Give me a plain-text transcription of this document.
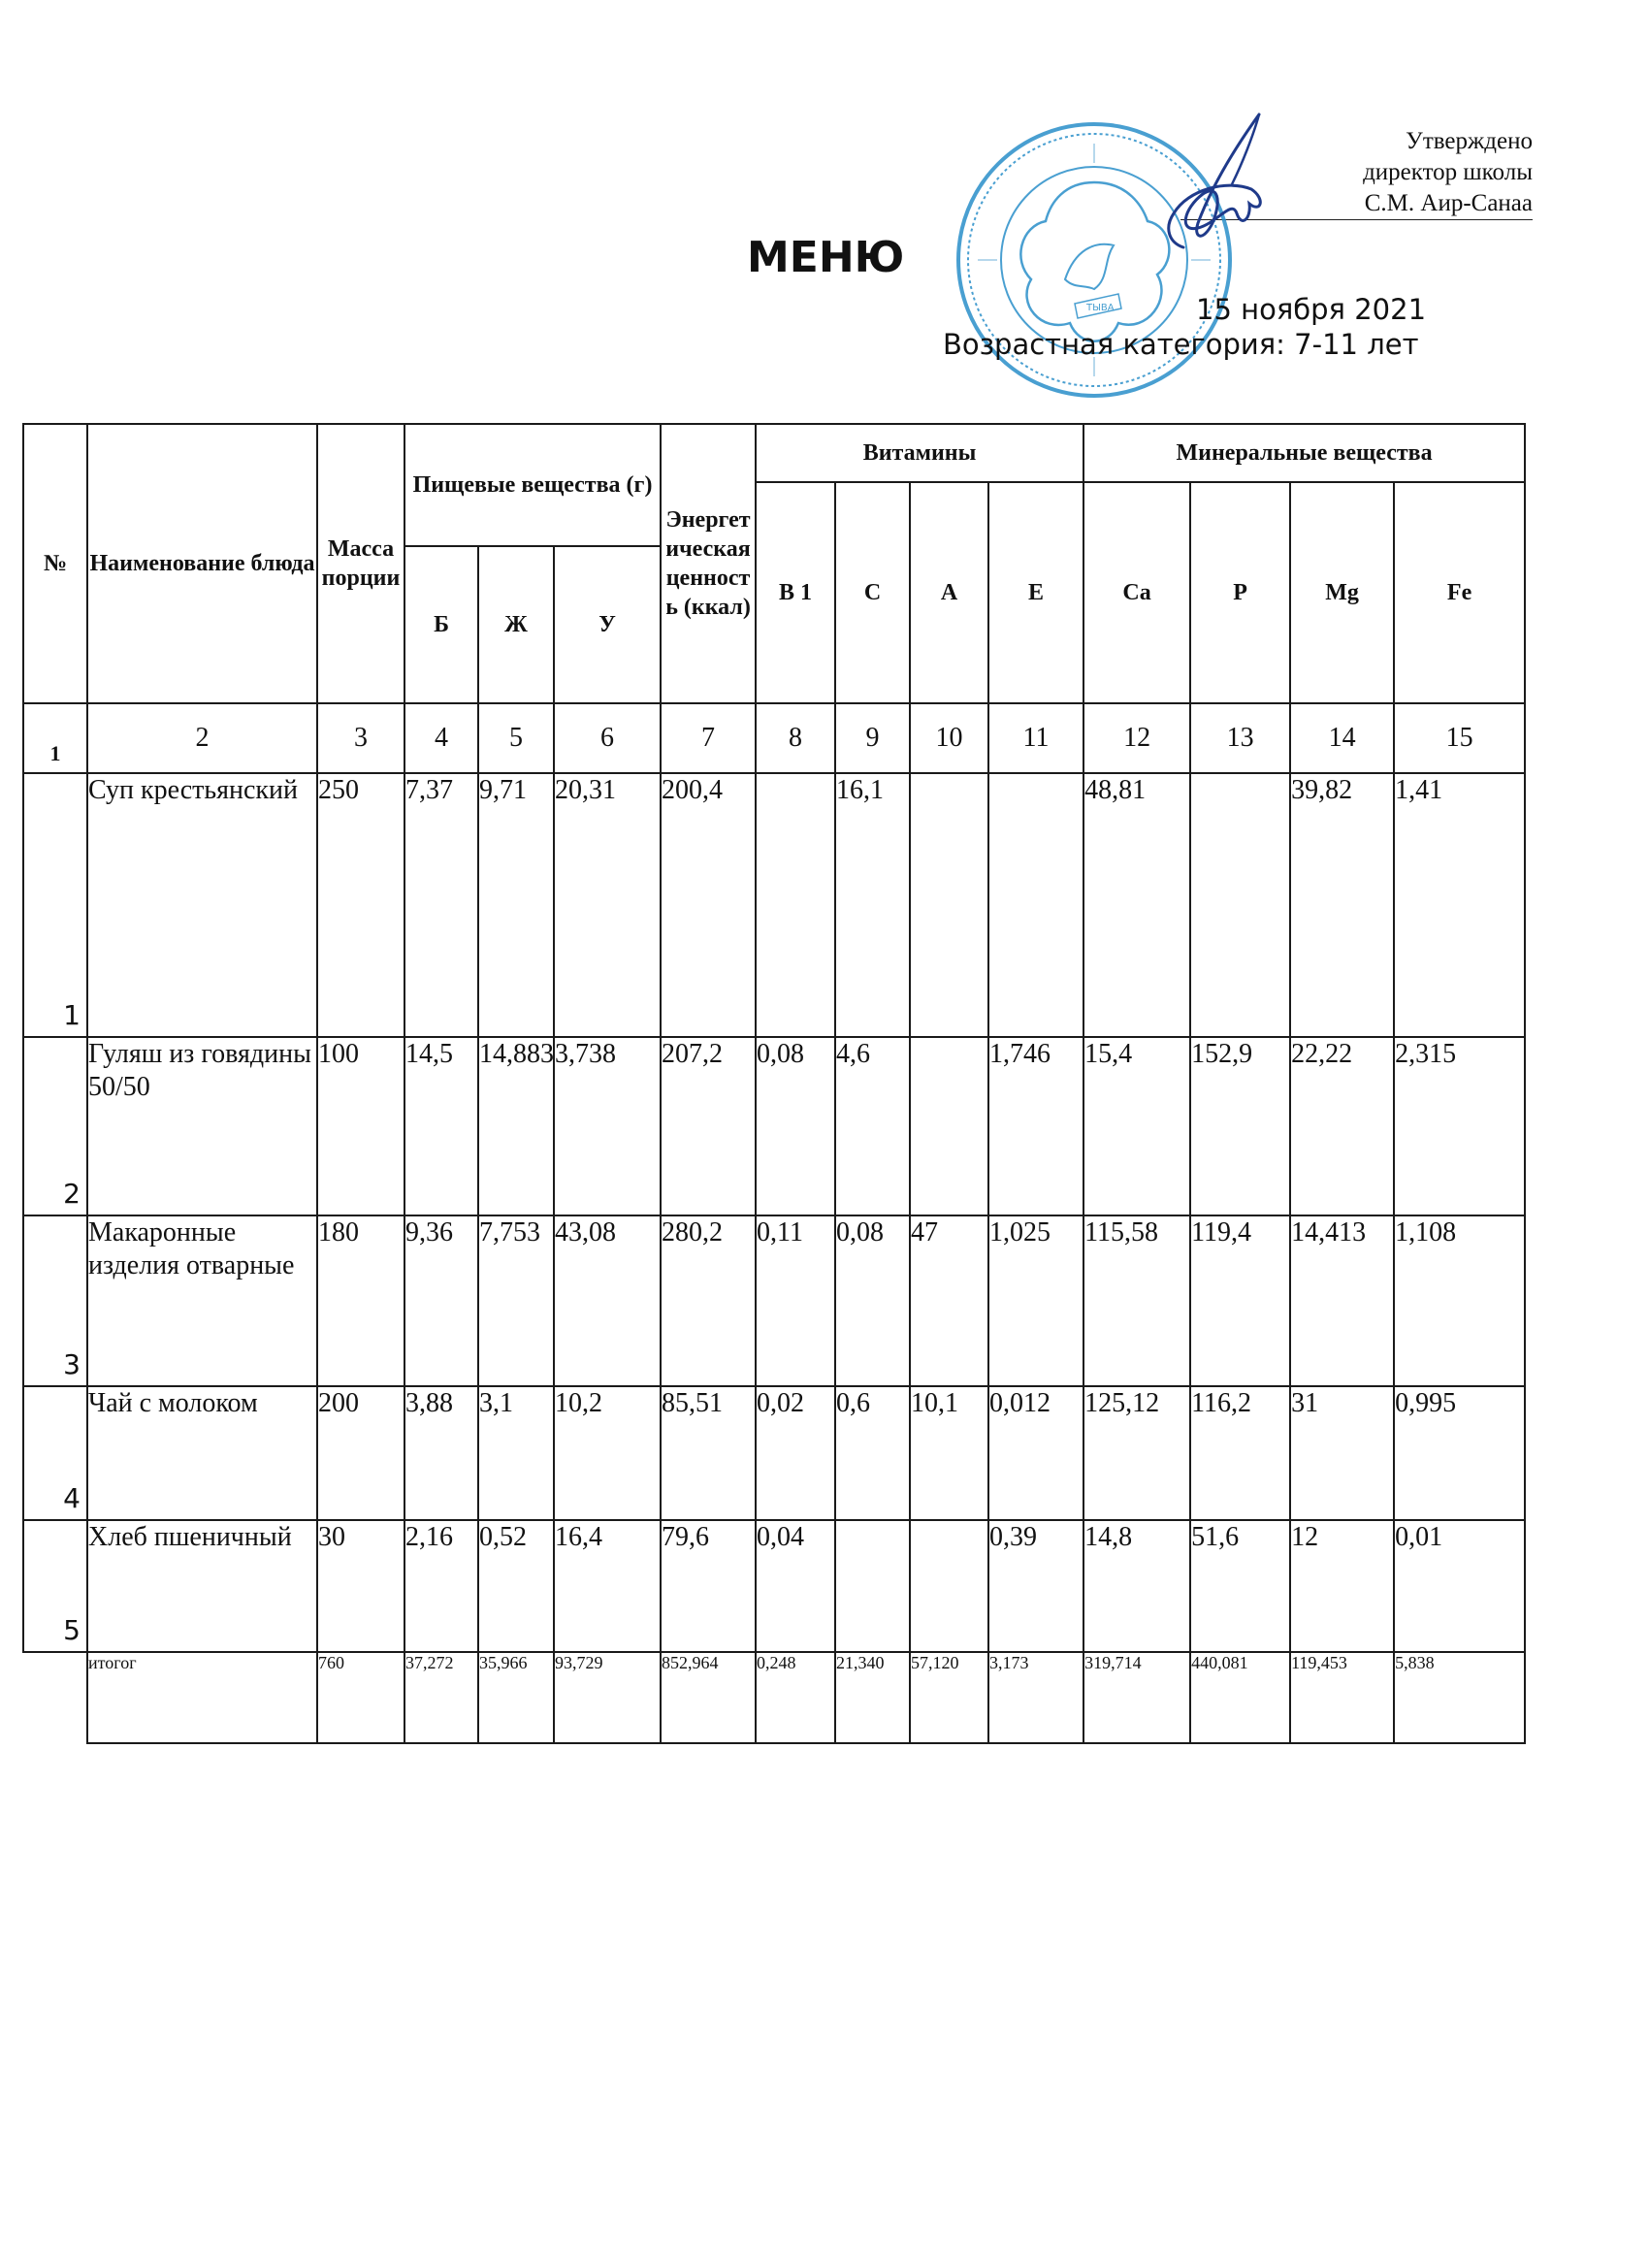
Утверждено
директор школы
С.М. Аир-Санаа
ТЫВА
МЕНЮ
15 ноября 2021
Возрастная категория: 7-11 лет
№	Наименование блюда	Масса порции	Пищевые вещества (г)			Энергетическая ценность (ккал)	Витамины				Минеральные вещества			
							В 1	С	А	Е	Са	Р	Mg	Fe
			Б	Ж	У									
1	2	3	4	5	6	7	8	9	10	11	12	13	14	15
1	Суп крестьянский	250	7,37	9,71	20,31	200,4		16,1			48,81		39,82	1,41
2	Гуляш из говядины 50/50	100	14,5	14,883	3,738	207,2	0,08	4,6		1,746	15,4	152,9	22,22	2,315
3	Макаронные изделия отварные	180	9,36	7,753	43,08	280,2	0,11	0,08	47	1,025	115,58	119,4	14,413	1,108
4	Чай с молоком	200	3,88	3,1	10,2	85,51	0,02	0,6	10,1	0,012	125,12	116,2	31	0,995
5	Хлеб пшеничный	30	2,16	0,52	16,4	79,6	0,04			0,39	14,8	51,6	12	0,01
	итогог	760	37,272	35,966	93,729	852,964	0,248	21,340	57,120	3,173	319,714	440,081	119,453	5,838
